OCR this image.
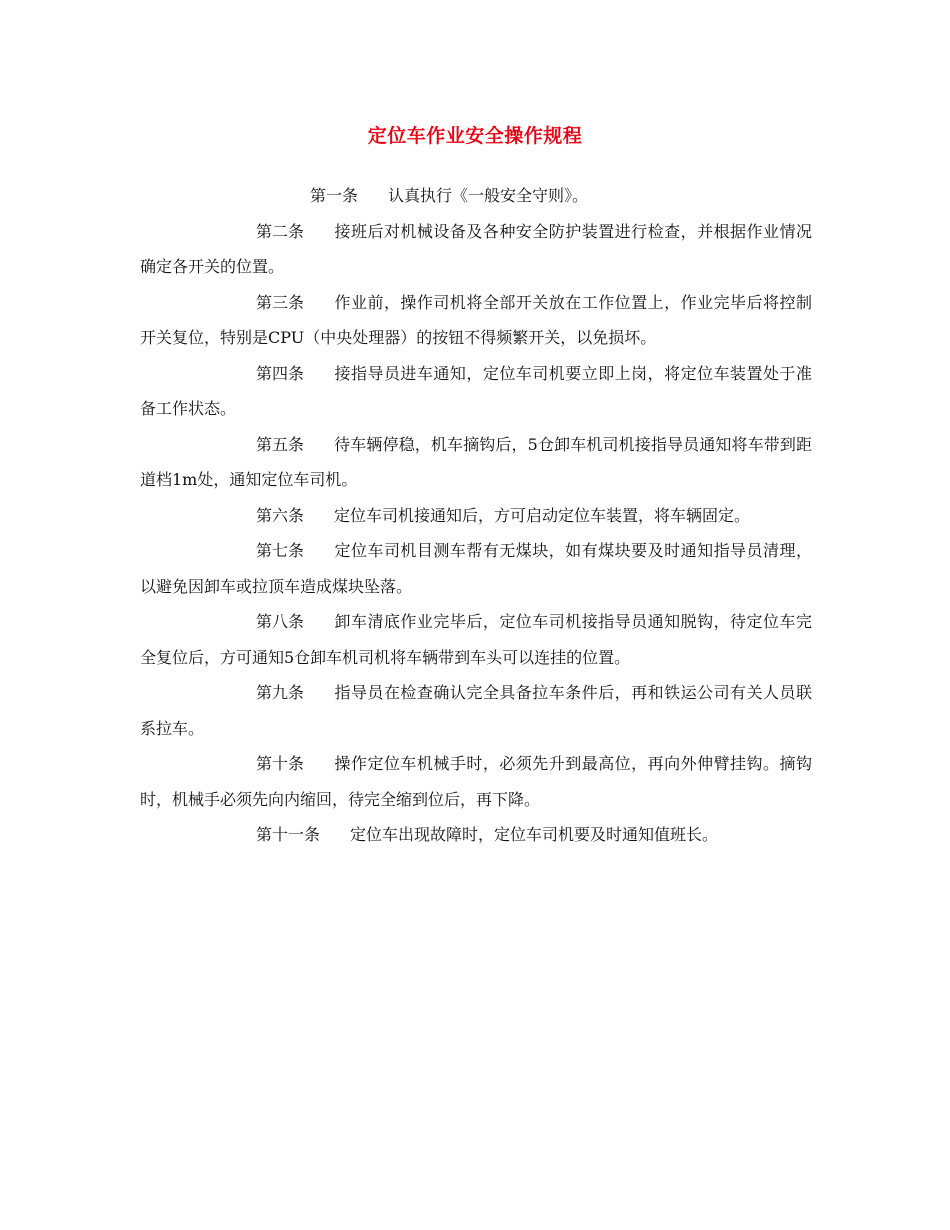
定位车作业安全操作规程

第一条 认真执行《一般安全守则》。

第二条 接班后对机械设备及各种安全防护装置进行检查，并根据作业情况确定各开关的位置。

第三条 作业前，操作司机将全部开关放在工作位置上，作业完毕后将控制开关复位，特别是CPU（中央处理器）的按钮不得频繁开关，以免损坏。

第四条 接指导员进车通知，定位车司机要立即上岗，将定位车装置处于准备工作状态。

第五条 待车辆停稳，机车摘钩后，5仓卸车机司机接指导员通知将车带到距道档1m处，通知定位车司机。

第六条 定位车司机接通知后，方可启动定位车装置，将车辆固定。

第七条 定位车司机目测车帮有无煤块，如有煤块要及时通知指导员清理，以避免因卸车或拉顶车造成煤块坠落。

第八条 卸车清底作业完毕后，定位车司机接指导员通知脱钩，待定位车完全复位后，方可通知5仓卸车机司机将车辆带到车头可以连挂的位置。

第九条 指导员在检查确认完全具备拉车条件后，再和铁运公司有关人员联系拉车。

第十条 操作定位车机械手时，必须先升到最高位，再向外伸臂挂钩。摘钩时，机械手必须先向内缩回，待完全缩到位后，再下降。

第十一条 定位车出现故障时，定位车司机要及时通知值班长。
